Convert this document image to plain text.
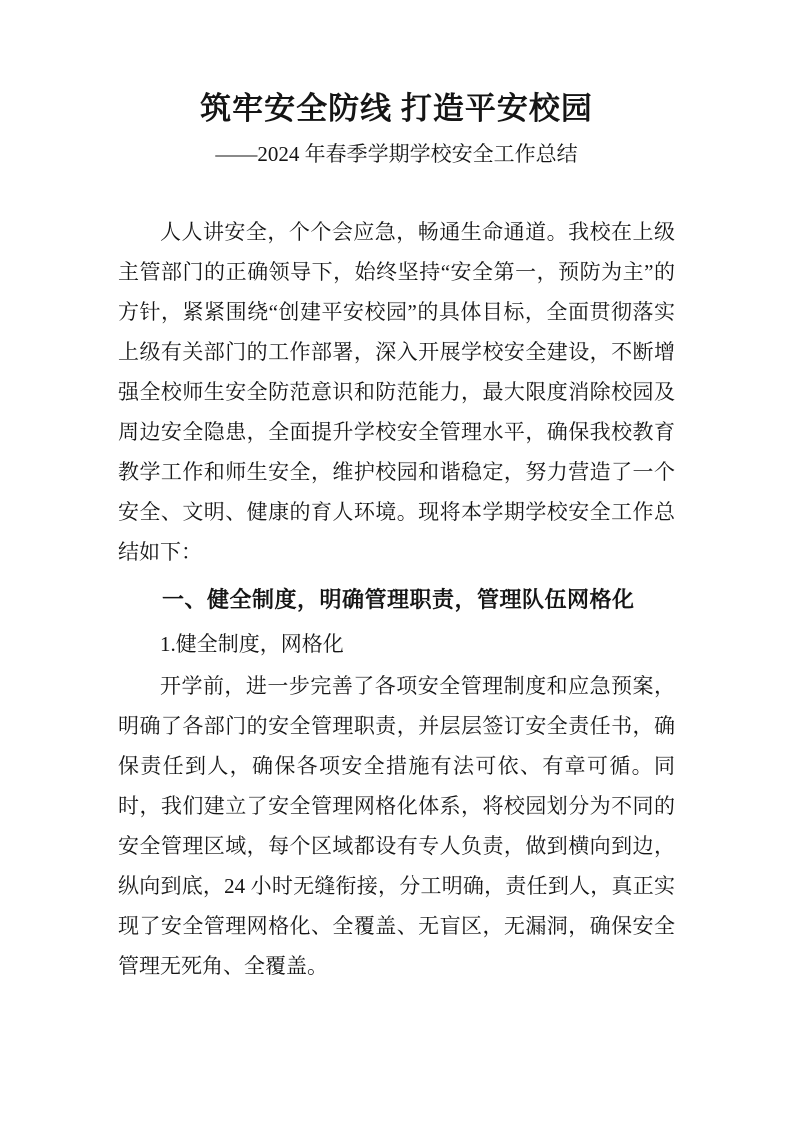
筑牢安全防线 打造平安校园

——2024 年春季学期学校安全工作总结

人人讲安全，个个会应急，畅通生命通道。我校在上级主管部门的正确领导下，始终坚持“安全第一，预防为主”的方针，紧紧围绕“创建平安校园”的具体目标，全面贯彻落实上级有关部门的工作部署，深入开展学校安全建设，不断增强全校师生安全防范意识和防范能力，最大限度消除校园及周边安全隐患，全面提升学校安全管理水平，确保我校教育教学工作和师生安全，维护校园和谐稳定，努力营造了一个安全、文明、健康的育人环境。现将本学期学校安全工作总结如下：

一、健全制度，明确管理职责，管理队伍网格化

1.健全制度，网格化

开学前，进一步完善了各项安全管理制度和应急预案，明确了各部门的安全管理职责，并层层签订安全责任书，确保责任到人，确保各项安全措施有法可依、有章可循。同时，我们建立了安全管理网格化体系，将校园划分为不同的安全管理区域，每个区域都设有专人负责，做到横向到边，纵向到底，24 小时无缝衔接，分工明确，责任到人，真正实现了安全管理网格化、全覆盖、无盲区，无漏洞，确保安全管理无死角、全覆盖。
